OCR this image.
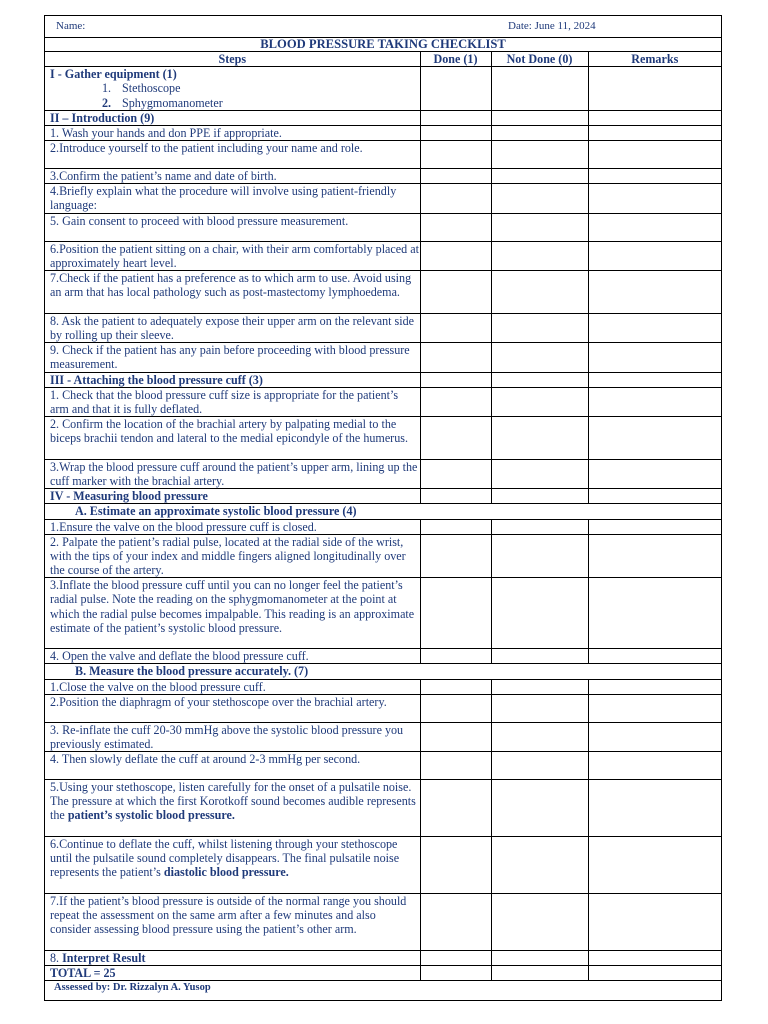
Name:	Date: June 11, 2024
BLOOD PRESSURE TAKING CHECKLIST			
Steps	Done (1)	Not Done (0)	Remarks

I - Gather equipment (1)
1. Stethoscope
2. Sphygmomanometer			

II – Introduction (9)			
1. Wash your hands and don PPE if appropriate.			
2.Introduce yourself to the patient including your name and role.			
3.Confirm the patient’s name and date of birth.			
4.Briefly explain what the procedure will involve using patient-friendly language:			
5. Gain consent to proceed with blood pressure measurement.			
6.Position the patient sitting on a chair, with their arm comfortably placed at approximately heart level.			
7.Check if the patient has a preference as to which arm to use. Avoid using an arm that has local pathology such as post-mastectomy lymphoedema.			
8. Ask the patient to adequately expose their upper arm on the relevant side by rolling up their sleeve.			
9. Check if the patient has any pain before proceeding with blood pressure measurement.			
III - Attaching the blood pressure cuff (3)			
1. Check that the blood pressure cuff size is appropriate for the patient’s arm and that it is fully deflated.			
2. Confirm the location of the brachial artery by palpating medial to the biceps brachii tendon and lateral to the medial epicondyle of the humerus.			
3.Wrap the blood pressure cuff around the patient’s upper arm, lining up the cuff marker with the brachial artery.			
IV - Measuring blood pressure			
A. Estimate an approximate systolic blood pressure (4)			
1.Ensure the valve on the blood pressure cuff is closed.			
2. Palpate the patient’s radial pulse, located at the radial side of the wrist, with the tips of your index and middle fingers aligned longitudinally over the course of the artery.			
3.Inflate the blood pressure cuff until you can no longer feel the patient’s radial pulse. Note the reading on the sphygmomanometer at the point at which the radial pulse becomes impalpable. This reading is an approximate estimate of the patient’s systolic blood pressure.			
4. Open the valve and deflate the blood pressure cuff.			
B. Measure the blood pressure accurately. (7)			
1.Close the valve on the blood pressure cuff.			
2.Position the diaphragm of your stethoscope over the brachial artery.			
3. Re-inflate the cuff 20-30 mmHg above the systolic blood pressure you previously estimated.			
4. Then slowly deflate the cuff at around 2-3 mmHg per second.			
5.Using your stethoscope, listen carefully for the onset of a pulsatile noise. The pressure at which the first Korotkoff sound becomes audible represents the patient’s systolic blood pressure.			
6.Continue to deflate the cuff, whilst listening through your stethoscope until the pulsatile sound completely disappears. The final pulsatile noise represents the patient’s diastolic blood pressure.			
7.If the patient’s blood pressure is outside of the normal range you should repeat the assessment on the same arm after a few minutes and also consider assessing blood pressure using the patient’s other arm.			
8. Interpret Result			
TOTAL = 25			
Assessed by: Dr. Rizzalyn A. Yusop
